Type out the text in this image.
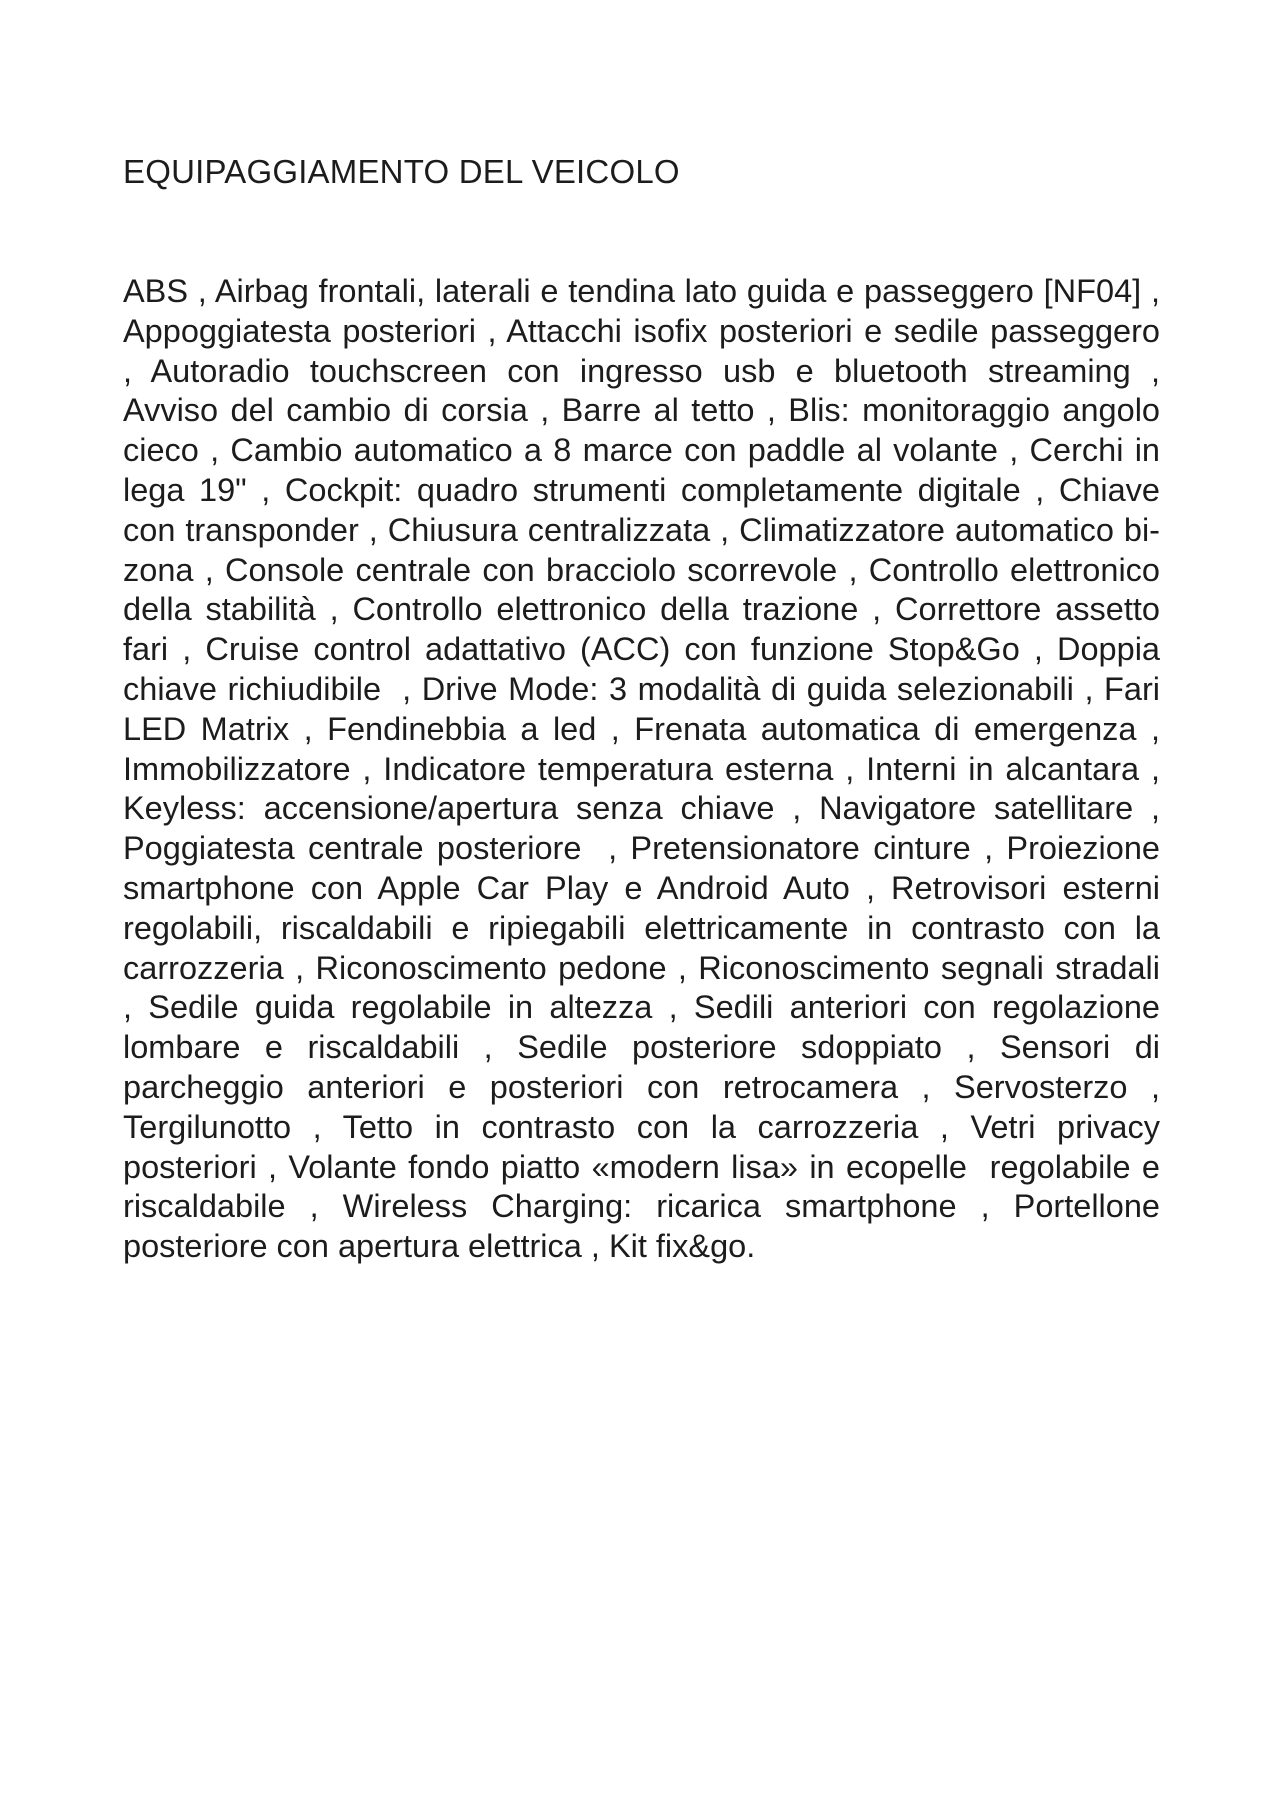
EQUIPAGGIAMENTO DEL VEICOLO

ABS , Airbag frontali, laterali e tendina lato guida e passeggero [NF04] , Appoggiatesta posteriori , Attacchi isofix posteriori e sedile passeggero  , Autoradio touchscreen con ingresso usb e bluetooth streaming , Avviso del cambio di corsia , Barre al tetto , Blis: monitoraggio angolo cieco , Cambio automatico a 8 marce con paddle al volante , Cerchi in lega 19" , Cockpit: quadro strumenti completamente digitale , Chiave con transponder , Chiusura centralizzata , Climatizzatore automatico bi-zona , Console centrale con bracciolo scorrevole , Controllo elettronico della stabilità , Controllo elettronico della trazione , Correttore assetto fari , Cruise control adattativo (ACC) con funzione Stop&Go , Doppia chiave richiudibile  , Drive Mode: 3 modalità di guida selezionabili , Fari LED Matrix , Fendinebbia a led , Frenata automatica di emergenza , Immobilizzatore , Indicatore temperatura esterna , Interni in alcantara , Keyless: accensione/apertura senza chiave , Navigatore satellitare , Poggiatesta centrale posteriore  , Pretensionatore cinture , Proiezione smartphone con Apple Car Play e Android Auto , Retrovisori esterni regolabili, riscaldabili e ripiegabili elettricamente in contrasto con la carrozzeria , Riconoscimento pedone , Riconoscimento segnali stradali , Sedile guida regolabile in altezza , Sedili anteriori con regolazione lombare e riscaldabili , Sedile posteriore sdoppiato , Sensori di parcheggio anteriori e posteriori con retrocamera , Servosterzo , Tergilunotto , Tetto in contrasto con la carrozzeria , Vetri privacy posteriori , Volante fondo piatto «modern lisa» in ecopelle  regolabile e riscaldabile , Wireless Charging: ricarica smartphone , Portellone posteriore con apertura elettrica , Kit fix&go.
